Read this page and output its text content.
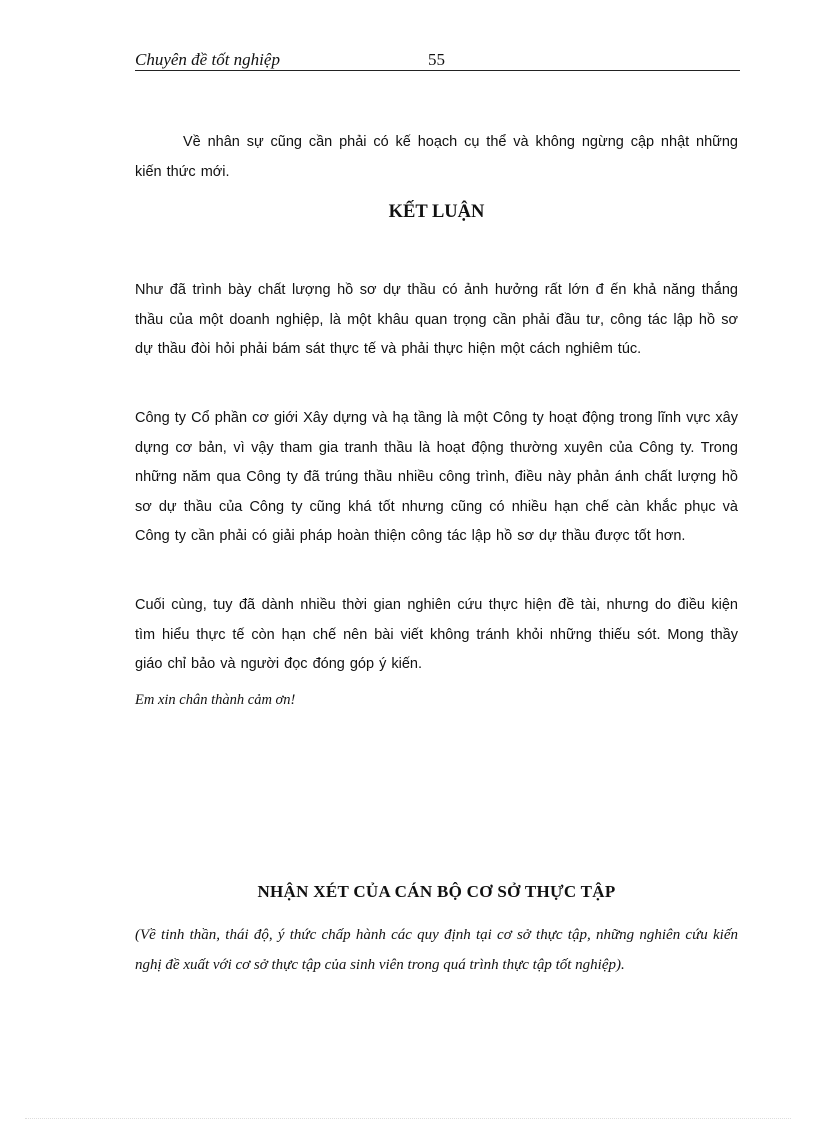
Chuyên đề tốt nghiệp	55

Về nhân sự cũng cần phải có kế hoạch cụ thể và không ngừng cập nhật những kiến thức mới.

KẾT LUẬN

Như đã trình bày chất lượng hồ sơ dự thầu có ảnh hưởng rất lớn đ ến khả năng thắng thầu của một doanh nghiệp, là một khâu quan trọng cần phải đầu tư, công tác lập hồ sơ dự thầu đòi hỏi phải bám sát thực tế và phải thực hiện một cách nghiêm túc.

Công ty Cổ phần cơ giới Xây dựng và hạ tầng là một Công ty hoạt động trong lĩnh vực xây dựng cơ bản, vì vậy tham gia tranh thầu là hoạt động thường xuyên của Công ty. Trong những năm qua Công ty đã trúng thầu nhiều công trình, điều này phản ánh chất lượng hồ sơ dự thầu của Công ty cũng khá tốt nhưng cũng có nhiều hạn chế càn khắc phục và Công ty cần phải có giải pháp hoàn thiện công tác lập hồ sơ dự thầu được tốt hơn.

Cuối cùng, tuy đã dành nhiều thời gian nghiên cứu thực hiện đề tài, nhưng do điều kiện tìm hiểu thực tế còn hạn chế nên bài viết không tránh khỏi những thiếu sót. Mong thầy giáo chỉ bảo và người đọc đóng góp ý kiến.

Em xin chân thành cảm ơn!
NHẬN XÉT CỦA CÁN BỘ CƠ SỞ THỰC TẬP

(Về tinh thần, thái độ, ý thức chấp hành các quy định tại cơ sở thực tập, những nghiên cứu kiến nghị đề xuất với cơ sở thực tập của sinh viên trong quá trình thực tập tốt nghiệp).
